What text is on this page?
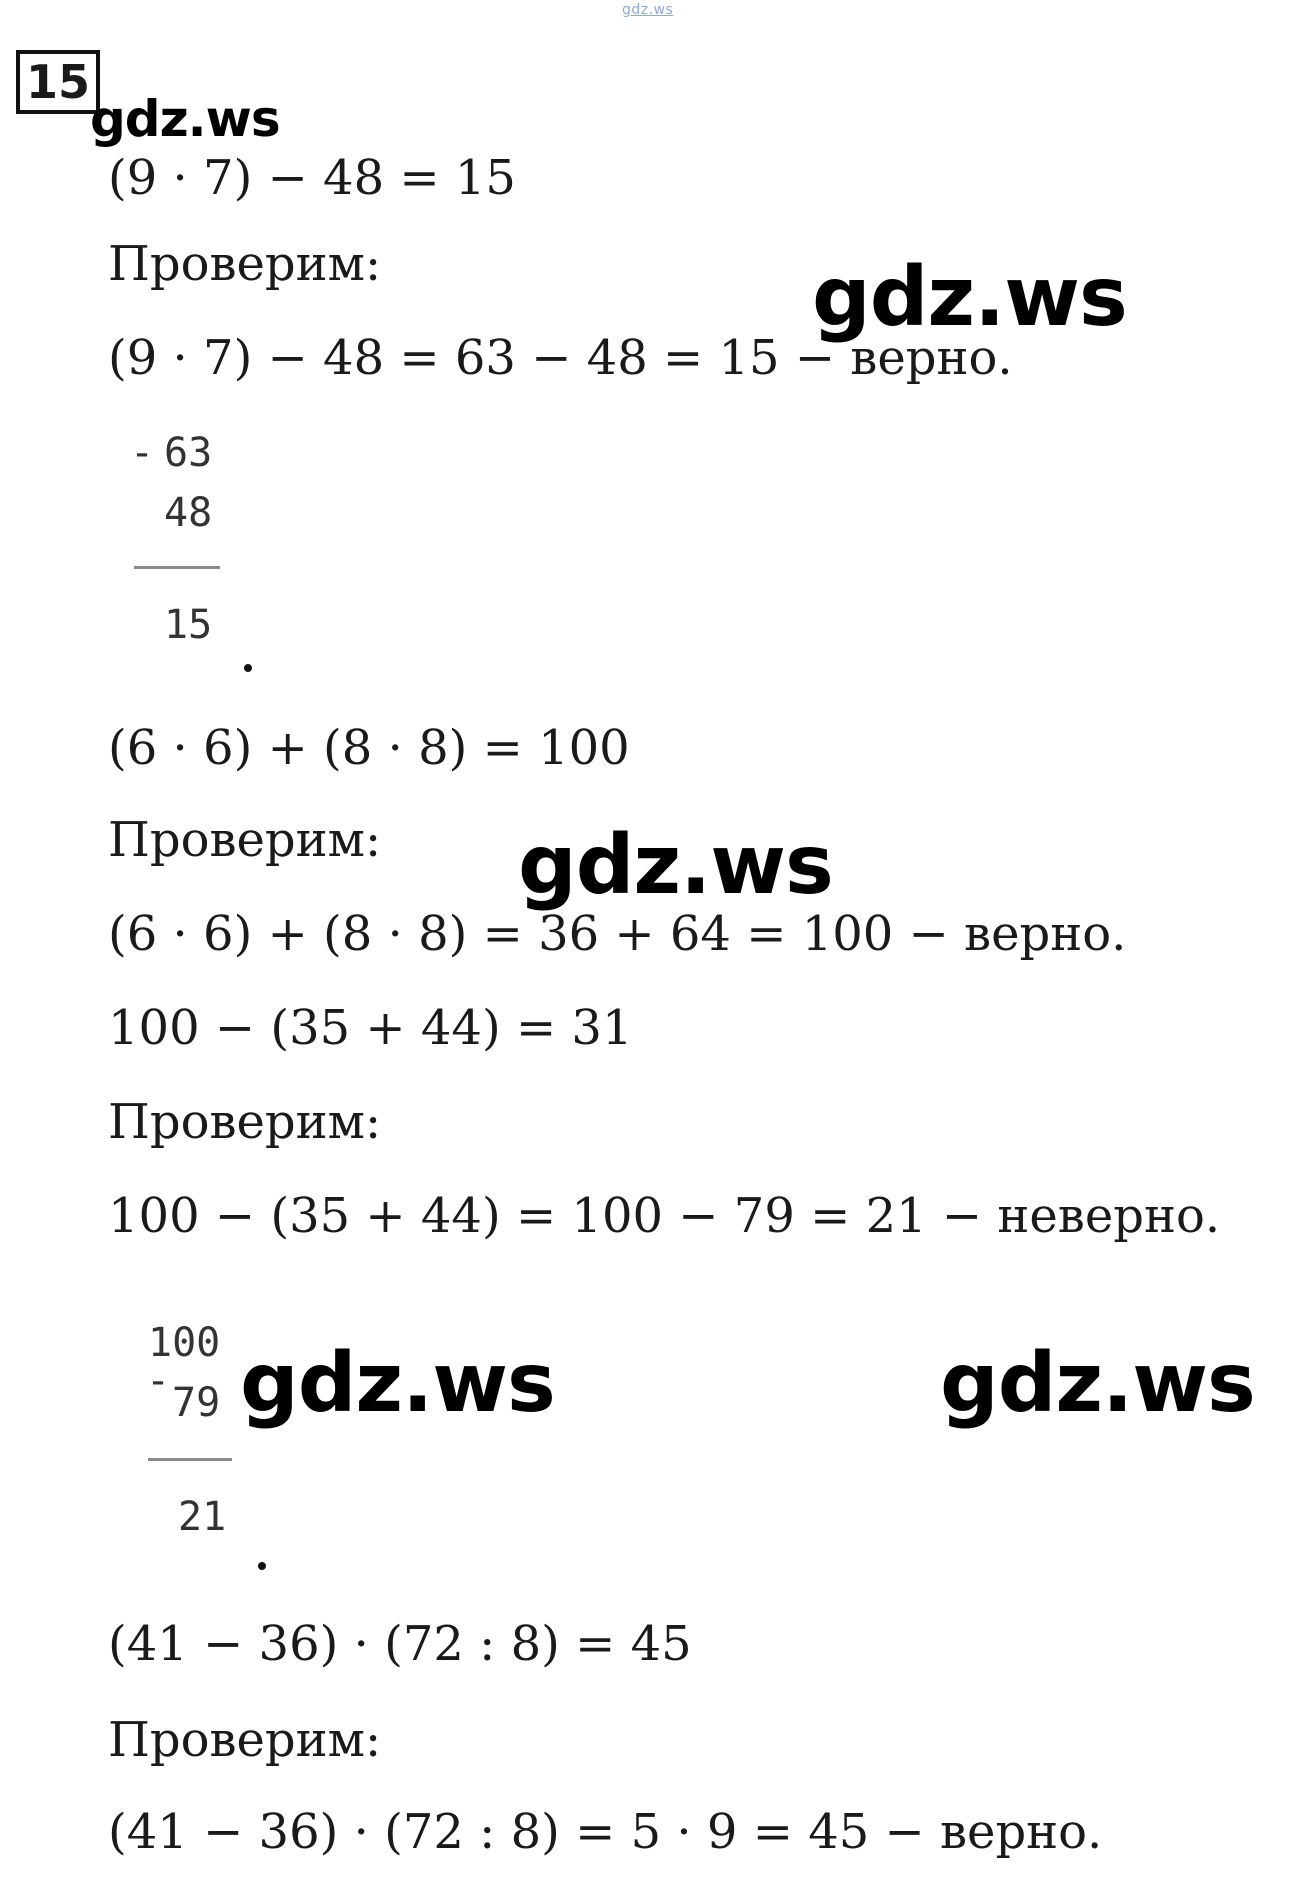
gdz.ws
15
gdz.ws
(9 · 7) − 48 = 15
Проверим:	gdz.ws
(9 · 7) − 48 = 63 − 48 = 15 − верно.
- 63
48
15
(6 · 6) + (8 · 8) = 100
Проверим: gdz.ws
(6 · 6) + (8 · 8) = 36 + 64 = 100 − верно.
100 − (35 + 44) = 31
Проверим:
100 − (35 + 44) = 100 − 79 = 21 − неверно.
100
- 79 gdz.ws	gdz.ws
21
(41 − 36) · (72 : 8) = 45
Проверим:
(41 − 36) · (72 : 8) = 5 · 9 = 45 − верно.
